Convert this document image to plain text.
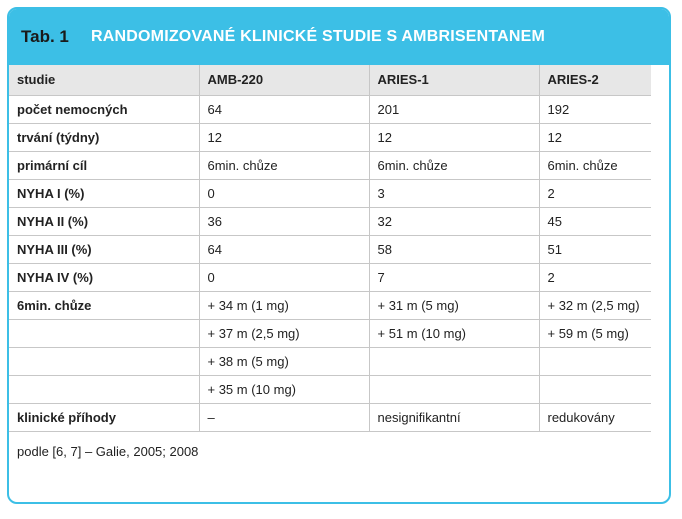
Tab. 1	RANDOMIZOVANÉ KLINICKÉ STUDIE S AMBRISENTANEM
studie	AMB-220	ARIES-1	ARIES-2
počet nemocných	64	201	192
trvání (týdny)	12	12	12
primární cíl	6min. chůze	6min. chůze	6min. chůze
NYHA I (%)	0	3	2
NYHA II (%)	36	32	45
NYHA III (%)	64	58	51
NYHA IV (%)	0	7	2
6min. chůze	+ 34 m (1 mg)	+ 31 m (5 mg)	+ 32 m (2,5 mg)
	+ 37 m (2,5 mg)	+ 51 m (10 mg)	+ 59 m (5 mg)
	+ 38 m (5 mg)		
	+ 35 m (10 mg)		
klinické příhody	–	nesignifikantní	redukovány
podle [6, 7] – Galie, 2005; 2008
